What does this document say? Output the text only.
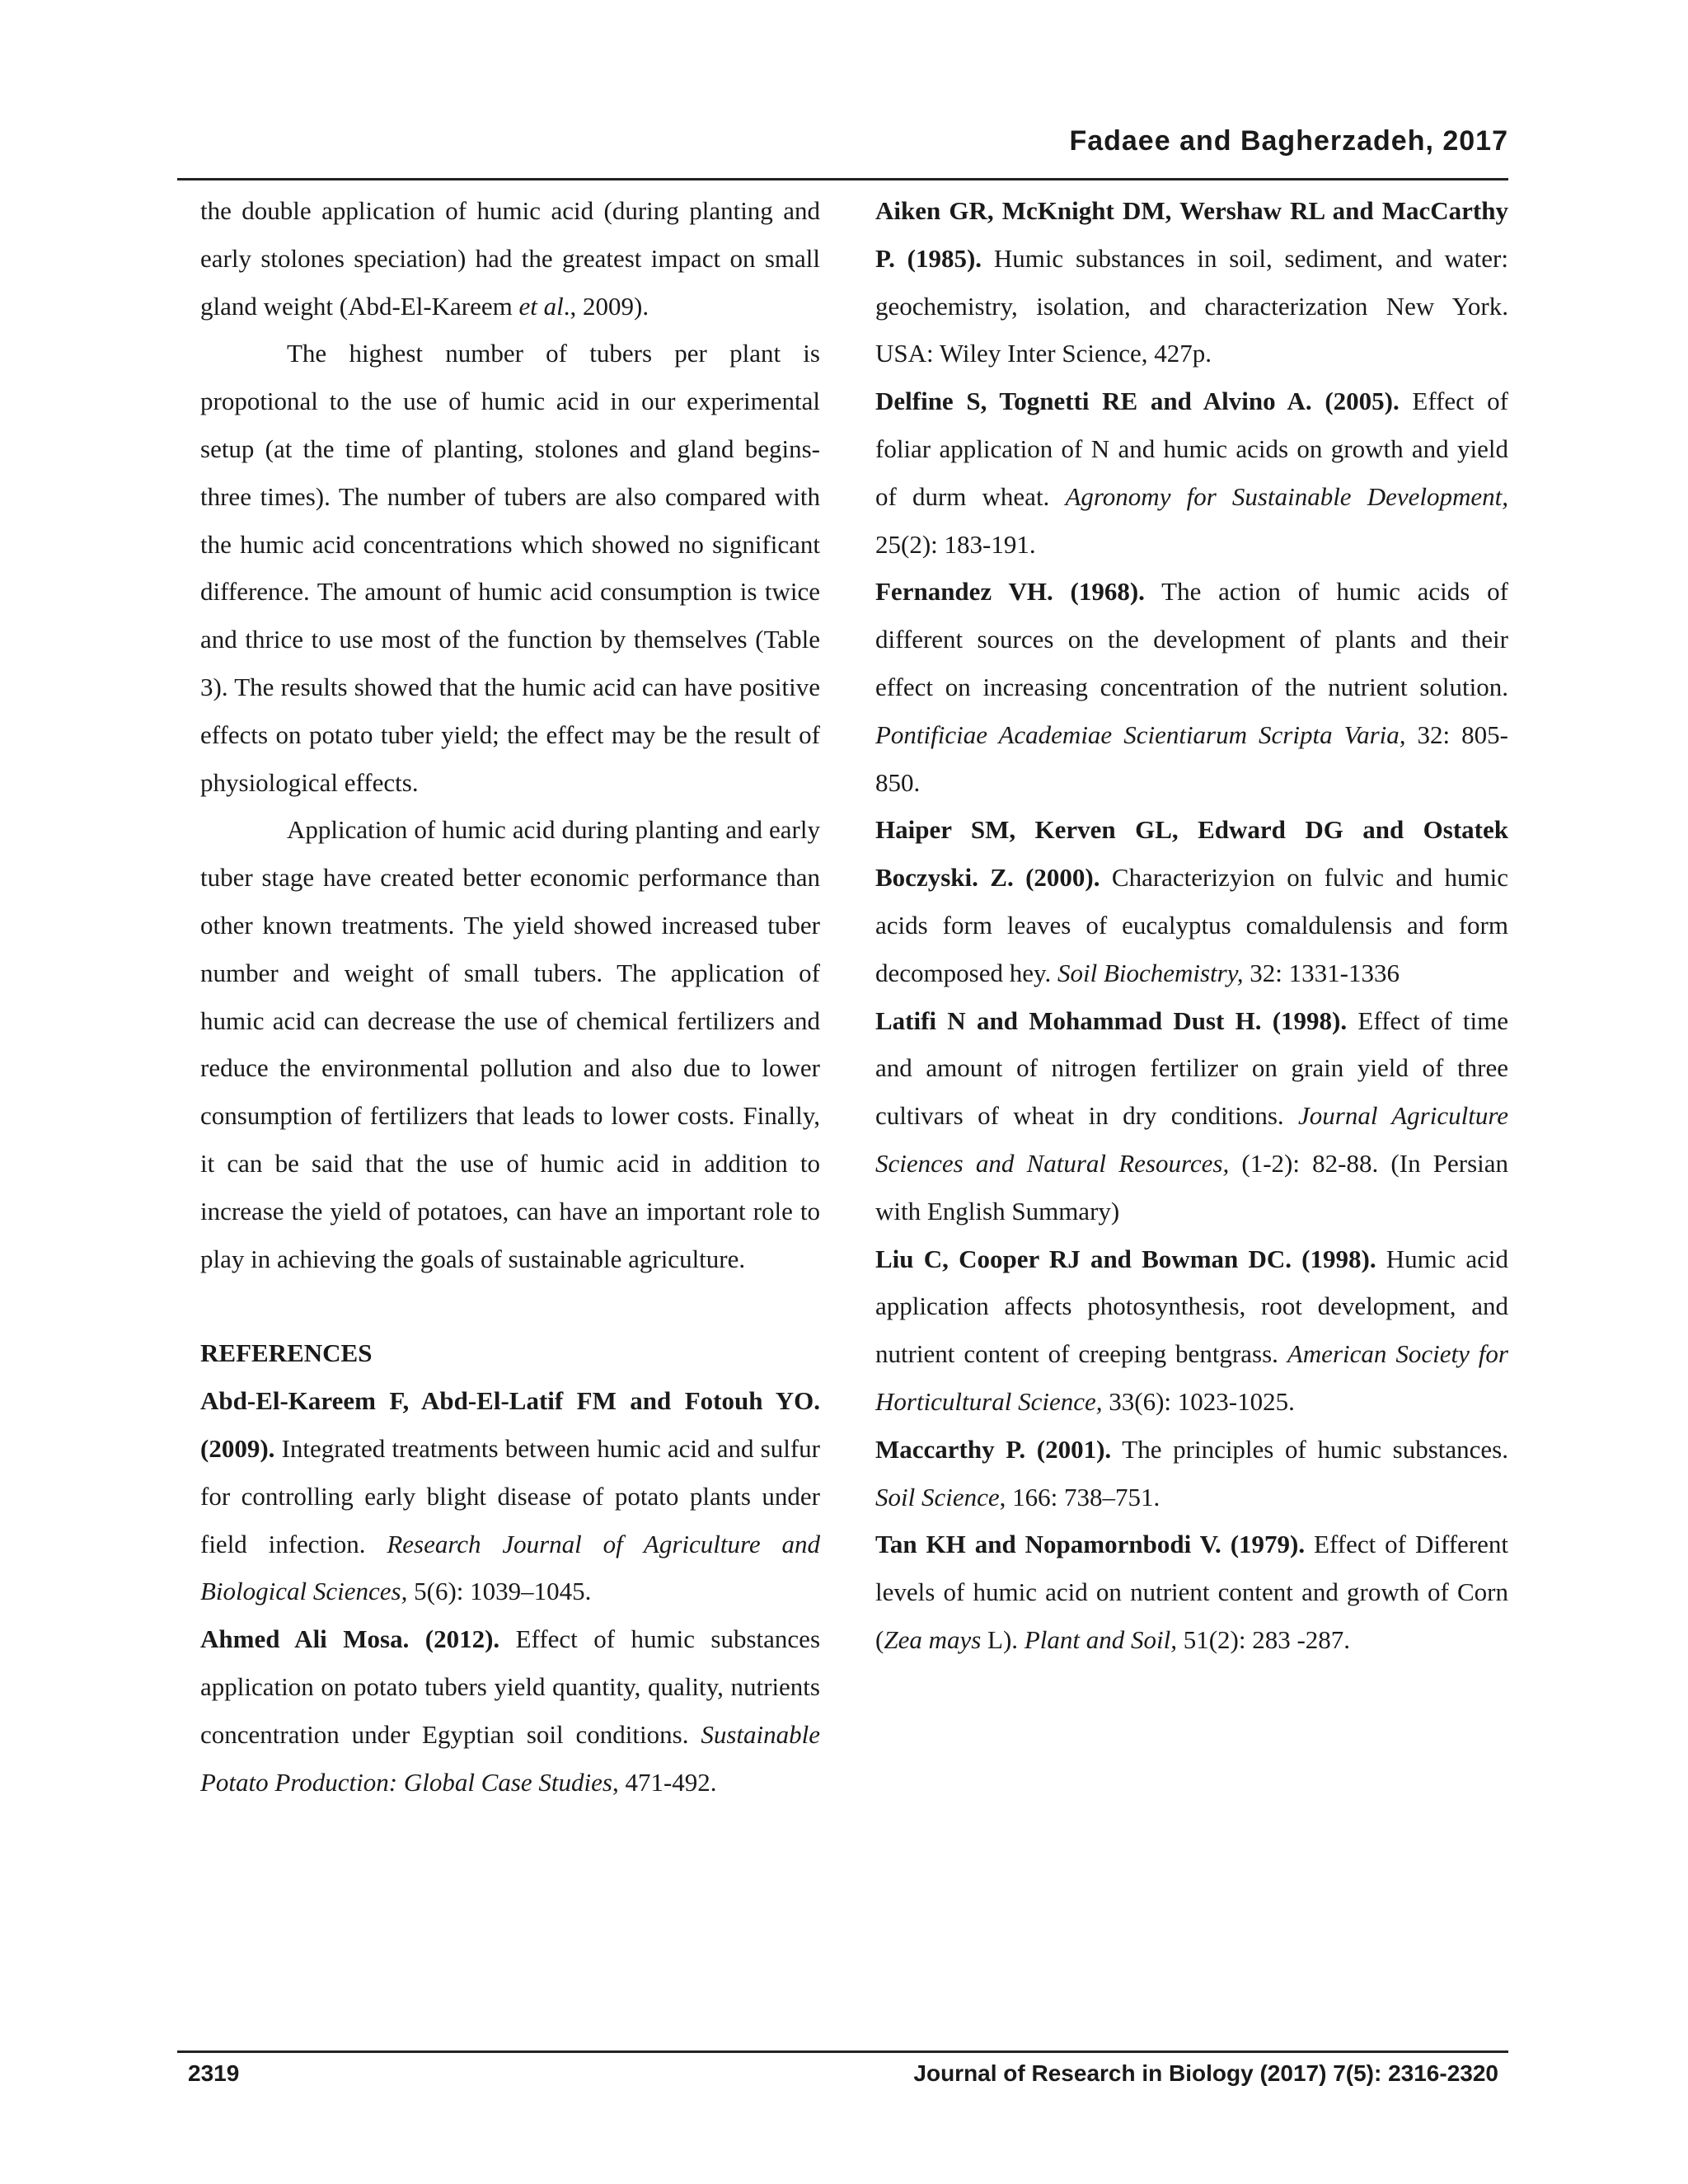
Fadaee and Bagherzadeh, 2017

the double application of humic acid (during planting and early stolones speciation) had the greatest impact on small gland weight (Abd-El-Kareem et al., 2009).

The highest number of tubers per plant is propotional to the use of humic acid in our experimental setup (at the time of planting, stolones and gland begins-three times). The number of tubers are also compared with the humic acid concentrations which showed no significant difference. The amount of humic acid consumption is twice and thrice to use most of the function by themselves (Table 3). The results showed that the humic acid can have positive effects on potato tuber yield; the effect may be the result of physiological effects.

Application of humic acid during planting and early tuber stage have created better economic performance than other known treatments. The yield showed increased tuber number and weight of small tubers. The application of humic acid can decrease the use of chemical fertilizers and reduce the environmental pollution and also due to lower consumption of fertilizers that leads to lower costs. Finally, it can be said that the use of humic acid in addition to increase the yield of potatoes, can have an important role to play in achieving the goals of sustainable agriculture.

REFERENCES

Abd-El-Kareem F, Abd-El-Latif FM and Fotouh YO. (2009). Integrated treatments between humic acid and sulfur for controlling early blight disease of potato plants under field infection. Research Journal of Agriculture and Biological Sciences, 5(6): 1039–1045.

Ahmed Ali Mosa. (2012). Effect of humic substances application on potato tubers yield quantity, quality, nutrients concentration under Egyptian soil conditions. Sustainable Potato Production: Global Case Studies, 471-492.

Aiken GR, McKnight DM, Wershaw RL and MacCarthy P. (1985). Humic substances in soil, sediment, and water: geochemistry, isolation, and characterization New York. USA: Wiley Inter Science, 427p.

Delfine S, Tognetti RE and Alvino A. (2005). Effect of foliar application of N and humic acids on growth and yield of durm wheat. Agronomy for Sustainable Development, 25(2): 183-191.

Fernandez VH. (1968). The action of humic acids of different sources on the development of plants and their effect on increasing concentration of the nutrient solution. Pontificiae Academiae Scientiarum Scripta Varia, 32: 805-850.

Haiper SM, Kerven GL, Edward DG and Ostatek Boczyski. Z. (2000). Characterizyion on fulvic and humic acids form leaves of eucalyptus comaldulensis and form decomposed hey. Soil Biochemistry, 32: 1331-1336

Latifi N and Mohammad Dust H. (1998). Effect of time and amount of nitrogen fertilizer on grain yield of three cultivars of wheat in dry conditions. Journal Agriculture Sciences and Natural Resources, (1-2): 82-88. (In Persian with English Summary)

Liu C, Cooper RJ and Bowman DC. (1998). Humic acid application affects photosynthesis, root development, and nutrient content of creeping bentgrass. American Society for Horticultural Science, 33(6): 1023-1025.

Maccarthy P. (2001). The principles of humic substances. Soil Science, 166: 738–751.

Tan KH and Nopamornbodi V. (1979). Effect of Different levels of humic acid on nutrient content and growth of Corn (Zea mays L). Plant and Soil, 51(2): 283 -287.

2319	Journal of Research in Biology (2017) 7(5): 2316-2320
